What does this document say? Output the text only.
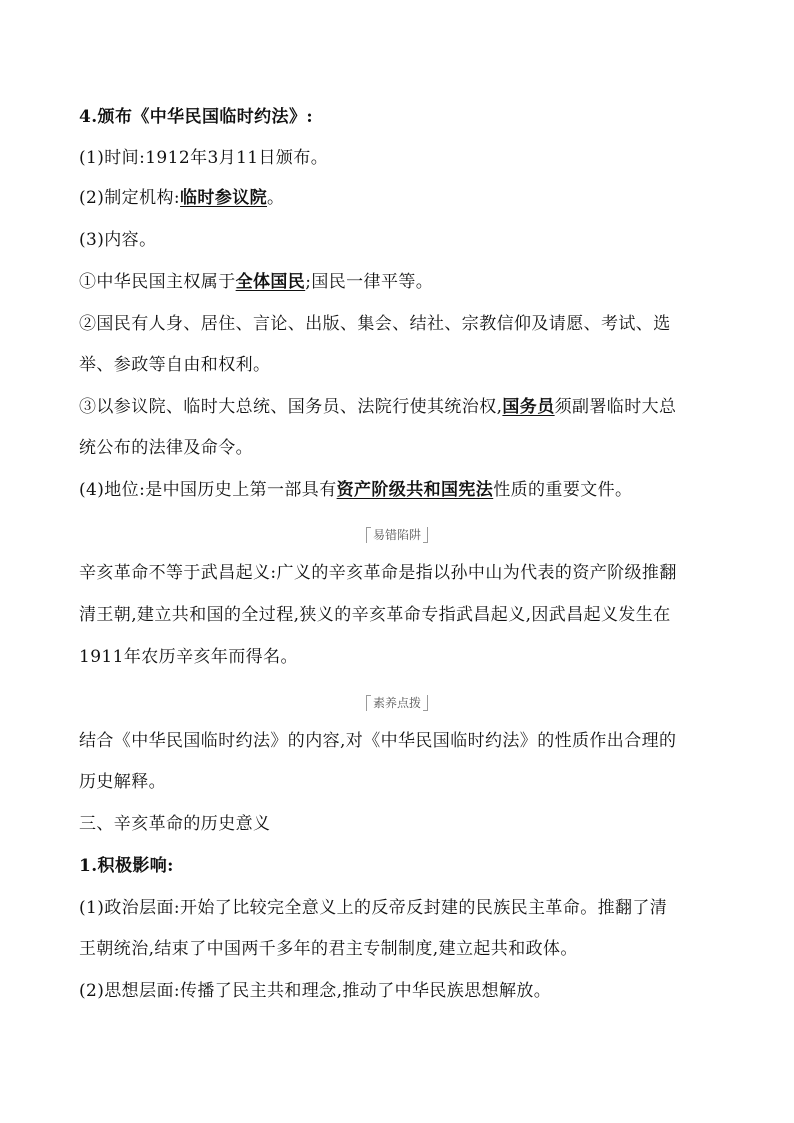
4.颁布《中华民国临时约法》:
(1)时间:1912年3月11日颁布。
(2)制定机构:临时参议院。
(3)内容。
①中华民国主权属于全体国民;国民一律平等。
②国民有人身、居住、言论、出版、集会、结社、宗教信仰及请愿、考试、选
举、参政等自由和权利。
③以参议院、临时大总统、国务员、法院行使其统治权,国务员须副署临时大总
统公布的法律及命令。
(4)地位:是中国历史上第一部具有资产阶级共和国宪法性质的重要文件。
易错陷阱
辛亥革命不等于武昌起义:广义的辛亥革命是指以孙中山为代表的资产阶级推翻
清王朝,建立共和国的全过程,狭义的辛亥革命专指武昌起义,因武昌起义发生在
1911年农历辛亥年而得名。
素养点拨
结合《中华民国临时约法》的内容,对《中华民国临时约法》的性质作出合理的
历史解释。
三、辛亥革命的历史意义
1.积极影响:
(1)政治层面:开始了比较完全意义上的反帝反封建的民族民主革命。推翻了清
王朝统治,结束了中国两千多年的君主专制制度,建立起共和政体。
(2)思想层面:传播了民主共和理念,推动了中华民族思想解放。
